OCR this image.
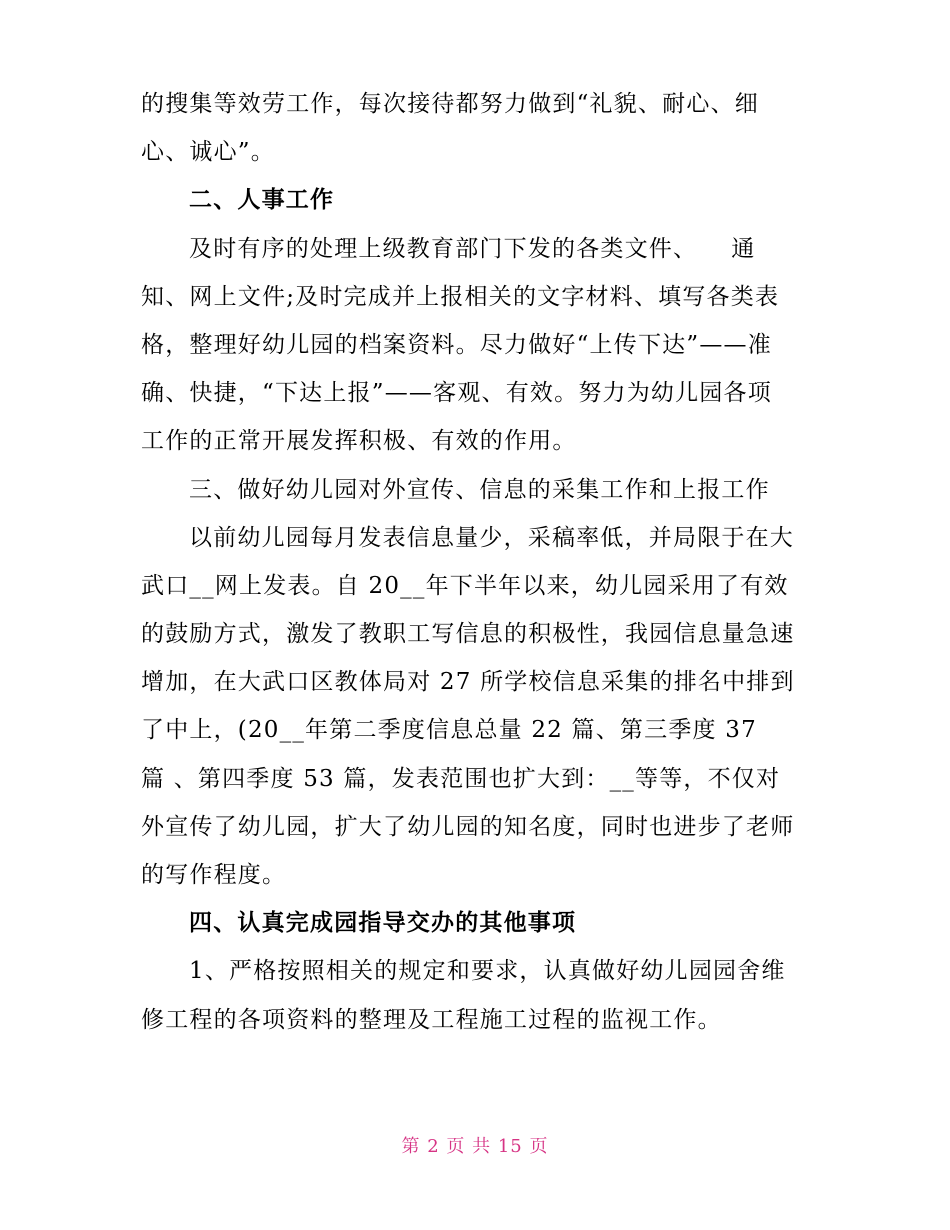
的搜集等效劳工作，每次接待都努力做到“礼貌、耐心、细
心、诚心”。
二、人事工作
及时有序的处理上级教育部门下发的各类文件、    通
知、网上文件;及时完成并上报相关的文字材料、填写各类表
格，整理好幼儿园的档案资料。尽力做好“上传下达”——准
确、快捷，“下达上报”——客观、有效。努力为幼儿园各项
工作的正常开展发挥积极、有效的作用。
三、做好幼儿园对外宣传、信息的采集工作和上报工作
以前幼儿园每月发表信息量少，采稿率低，并局限于在大
武口__网上发表。自 20__年下半年以来，幼儿园采用了有效
的鼓励方式，激发了教职工写信息的积极性，我园信息量急速
增加，在大武口区教体局对 27 所学校信息采集的排名中排到
了中上，(20__年第二季度信息总量 22 篇、第三季度 37
篇 、第四季度 53 篇，发表范围也扩大到：__等等，不仅对
外宣传了幼儿园，扩大了幼儿园的知名度，同时也进步了老师
的写作程度。
四、认真完成园指导交办的其他事项
1、严格按照相关的规定和要求，认真做好幼儿园园舍维
修工程的各项资料的整理及工程施工过程的监视工作。
第 2 页 共 15 页
